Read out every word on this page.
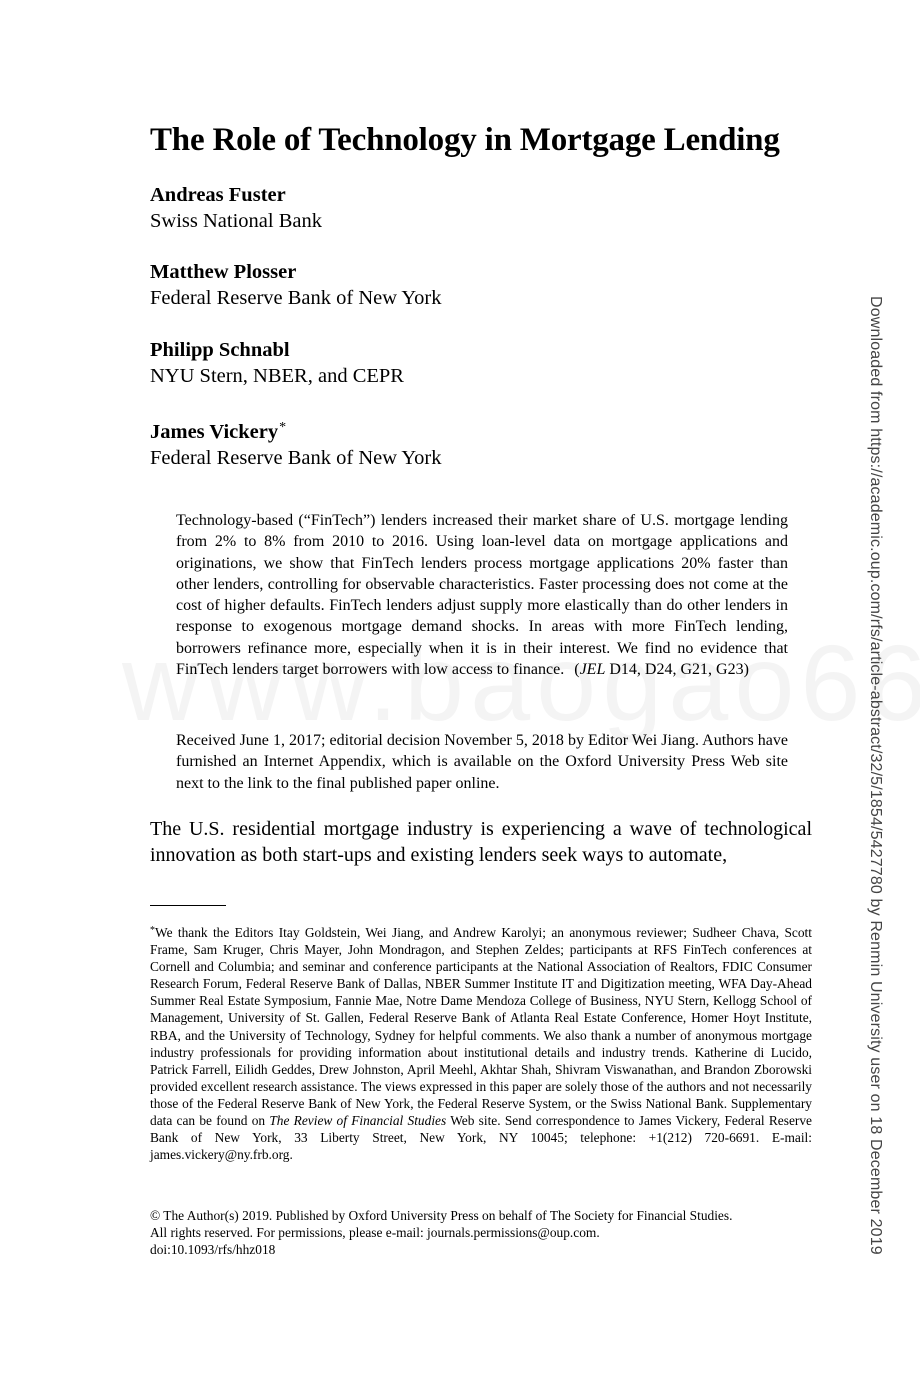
The Role of Technology in Mortgage Lending
Andreas Fuster
Swiss National Bank
Matthew Plosser
Federal Reserve Bank of New York
Philipp Schnabl
NYU Stern, NBER, and CEPR
James Vickery*
Federal Reserve Bank of New York

Technology-based (“FinTech”) lenders increased their market share of U.S. mortgage lending from 2% to 8% from 2010 to 2016. Using loan-level data on mortgage applications and originations, we show that FinTech lenders process mortgage applications 20% faster than other lenders, controlling for observable characteristics. Faster processing does not come at the cost of higher defaults. FinTech lenders adjust supply more elastically than do other lenders in response to exogenous mortgage demand shocks. In areas with more FinTech lending, borrowers refinance more, especially when it is in their interest. We find no evidence that FinTech lenders target borrowers with low access to finance. (JEL D14, D24, G21, G23)

Received June 1, 2017; editorial decision November 5, 2018 by Editor Wei Jiang. Authors have furnished an Internet Appendix, which is available on the Oxford University Press Web site next to the link to the final published paper online.

The U.S. residential mortgage industry is experiencing a wave of technological innovation as both start-ups and existing lenders seek ways to automate,

*We thank the Editors Itay Goldstein, Wei Jiang, and Andrew Karolyi; an anonymous reviewer; Sudheer Chava, Scott Frame, Sam Kruger, Chris Mayer, John Mondragon, and Stephen Zeldes; participants at RFS FinTech conferences at Cornell and Columbia; and seminar and conference participants at the National Association of Realtors, FDIC Consumer Research Forum, Federal Reserve Bank of Dallas, NBER Summer Institute IT and Digitization meeting, WFA Day-Ahead Summer Real Estate Symposium, Fannie Mae, Notre Dame Mendoza College of Business, NYU Stern, Kellogg School of Management, University of St. Gallen, Federal Reserve Bank of Atlanta Real Estate Conference, Homer Hoyt Institute, RBA, and the University of Technology, Sydney for helpful comments. We also thank a number of anonymous mortgage industry professionals for providing information about institutional details and industry trends. Katherine di Lucido, Patrick Farrell, Eilidh Geddes, Drew Johnston, April Meehl, Akhtar Shah, Shivram Viswanathan, and Brandon Zborowski provided excellent research assistance. The views expressed in this paper are solely those of the authors and not necessarily those of the Federal Reserve Bank of New York, the Federal Reserve System, or the Swiss National Bank. Supplementary data can be found on The Review of Financial Studies Web site. Send correspondence to James Vickery, Federal Reserve Bank of New York, 33 Liberty Street, New York, NY 10045; telephone: +1(212) 720-6691. E-mail: james.vickery@ny.frb.org.

© The Author(s) 2019. Published by Oxford University Press on behalf of The Society for Financial Studies.
All rights reserved. For permissions, please e-mail: journals.permissions@oup.com.
doi:10.1093/rfs/hhz018	Downloaded from https://academic.oup.com/rfs/article-abstract/32/5/1854/5427780 by Renmin University user on 18 December 2019
